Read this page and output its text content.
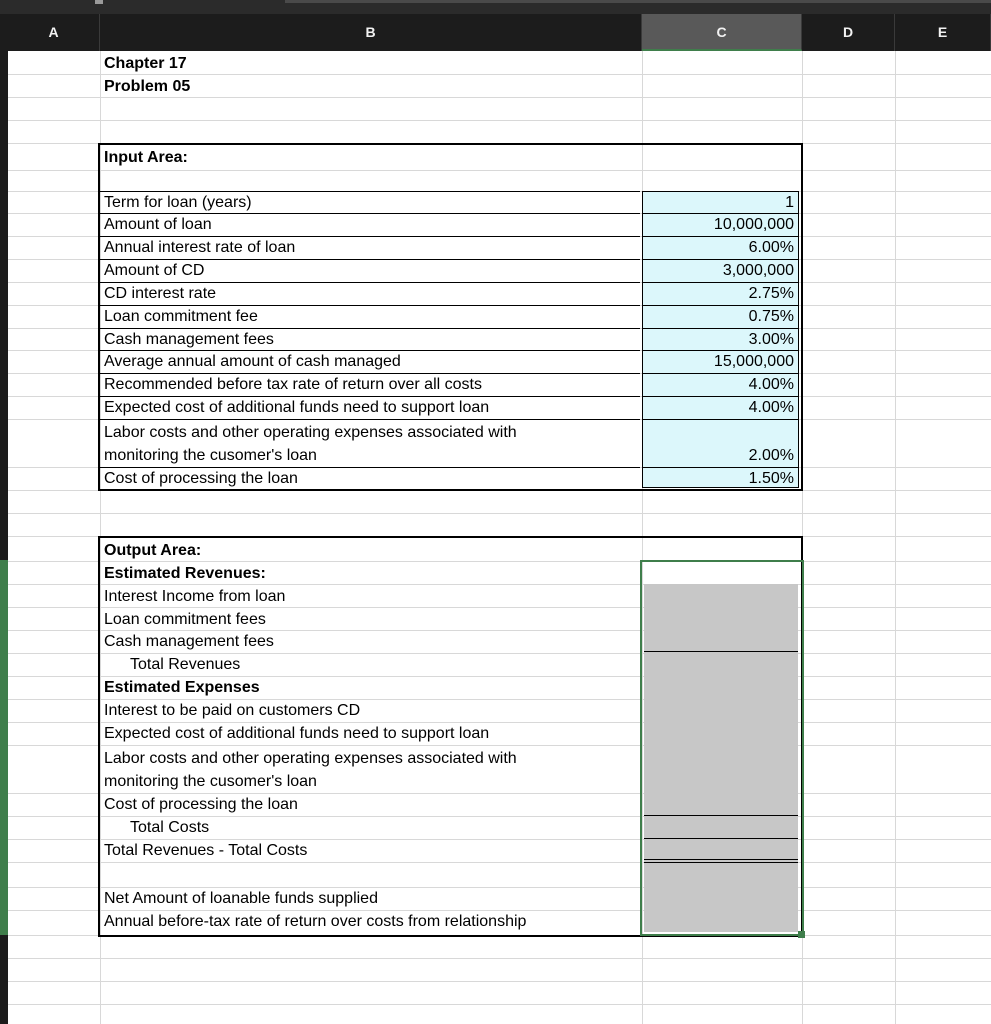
A	B	C	D	E
Chapter 17
Problem 05
Input Area:
Term for loan (years)	1
Amount of loan	10,000,000
Annual interest rate of loan	6.00%
Amount of CD	3,000,000
CD interest rate	2.75%
Loan commitment fee	0.75%
Cash management fees	3.00%
Average annual amount of cash managed	15,000,000
Recommended before tax rate of return over all costs	4.00%
Expected cost of additional funds need to support loan	4.00%
Labor costs and other operating expenses associated with
monitoring the cusomer's loan	2.00%
Cost of processing the loan	1.50%
Output Area:
Estimated Revenues:
Interest Income from loan
Loan commitment fees
Cash management fees
Total Revenues
Estimated Expenses
Interest to be paid on customers CD
Expected cost of additional funds need to support loan
Labor costs and other operating expenses associated with
monitoring the cusomer's loan
Cost of processing the loan
Total Costs
Total Revenues - Total Costs
Net Amount of loanable funds supplied
Annual before-tax rate of return over costs from relationship
